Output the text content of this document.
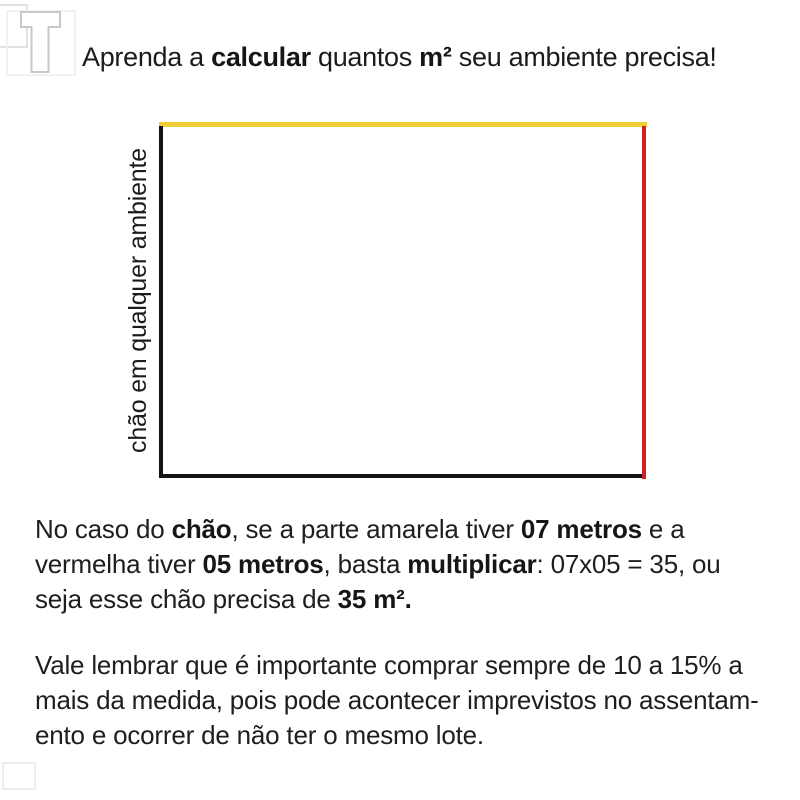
Aprenda a calcular quantos m² seu ambiente precisa!
chão em qualquer ambiente
No caso do chão, se a parte amarela tiver 07 metros e a
vermelha tiver 05 metros, basta multiplicar: 07x05 = 35, ou
seja esse chão precisa de 35 m².
Vale lembrar que é importante comprar sempre de 10 a 15% a
mais da medida, pois pode acontecer imprevistos no assentam-
ento e ocorrer de não ter o mesmo lote.
